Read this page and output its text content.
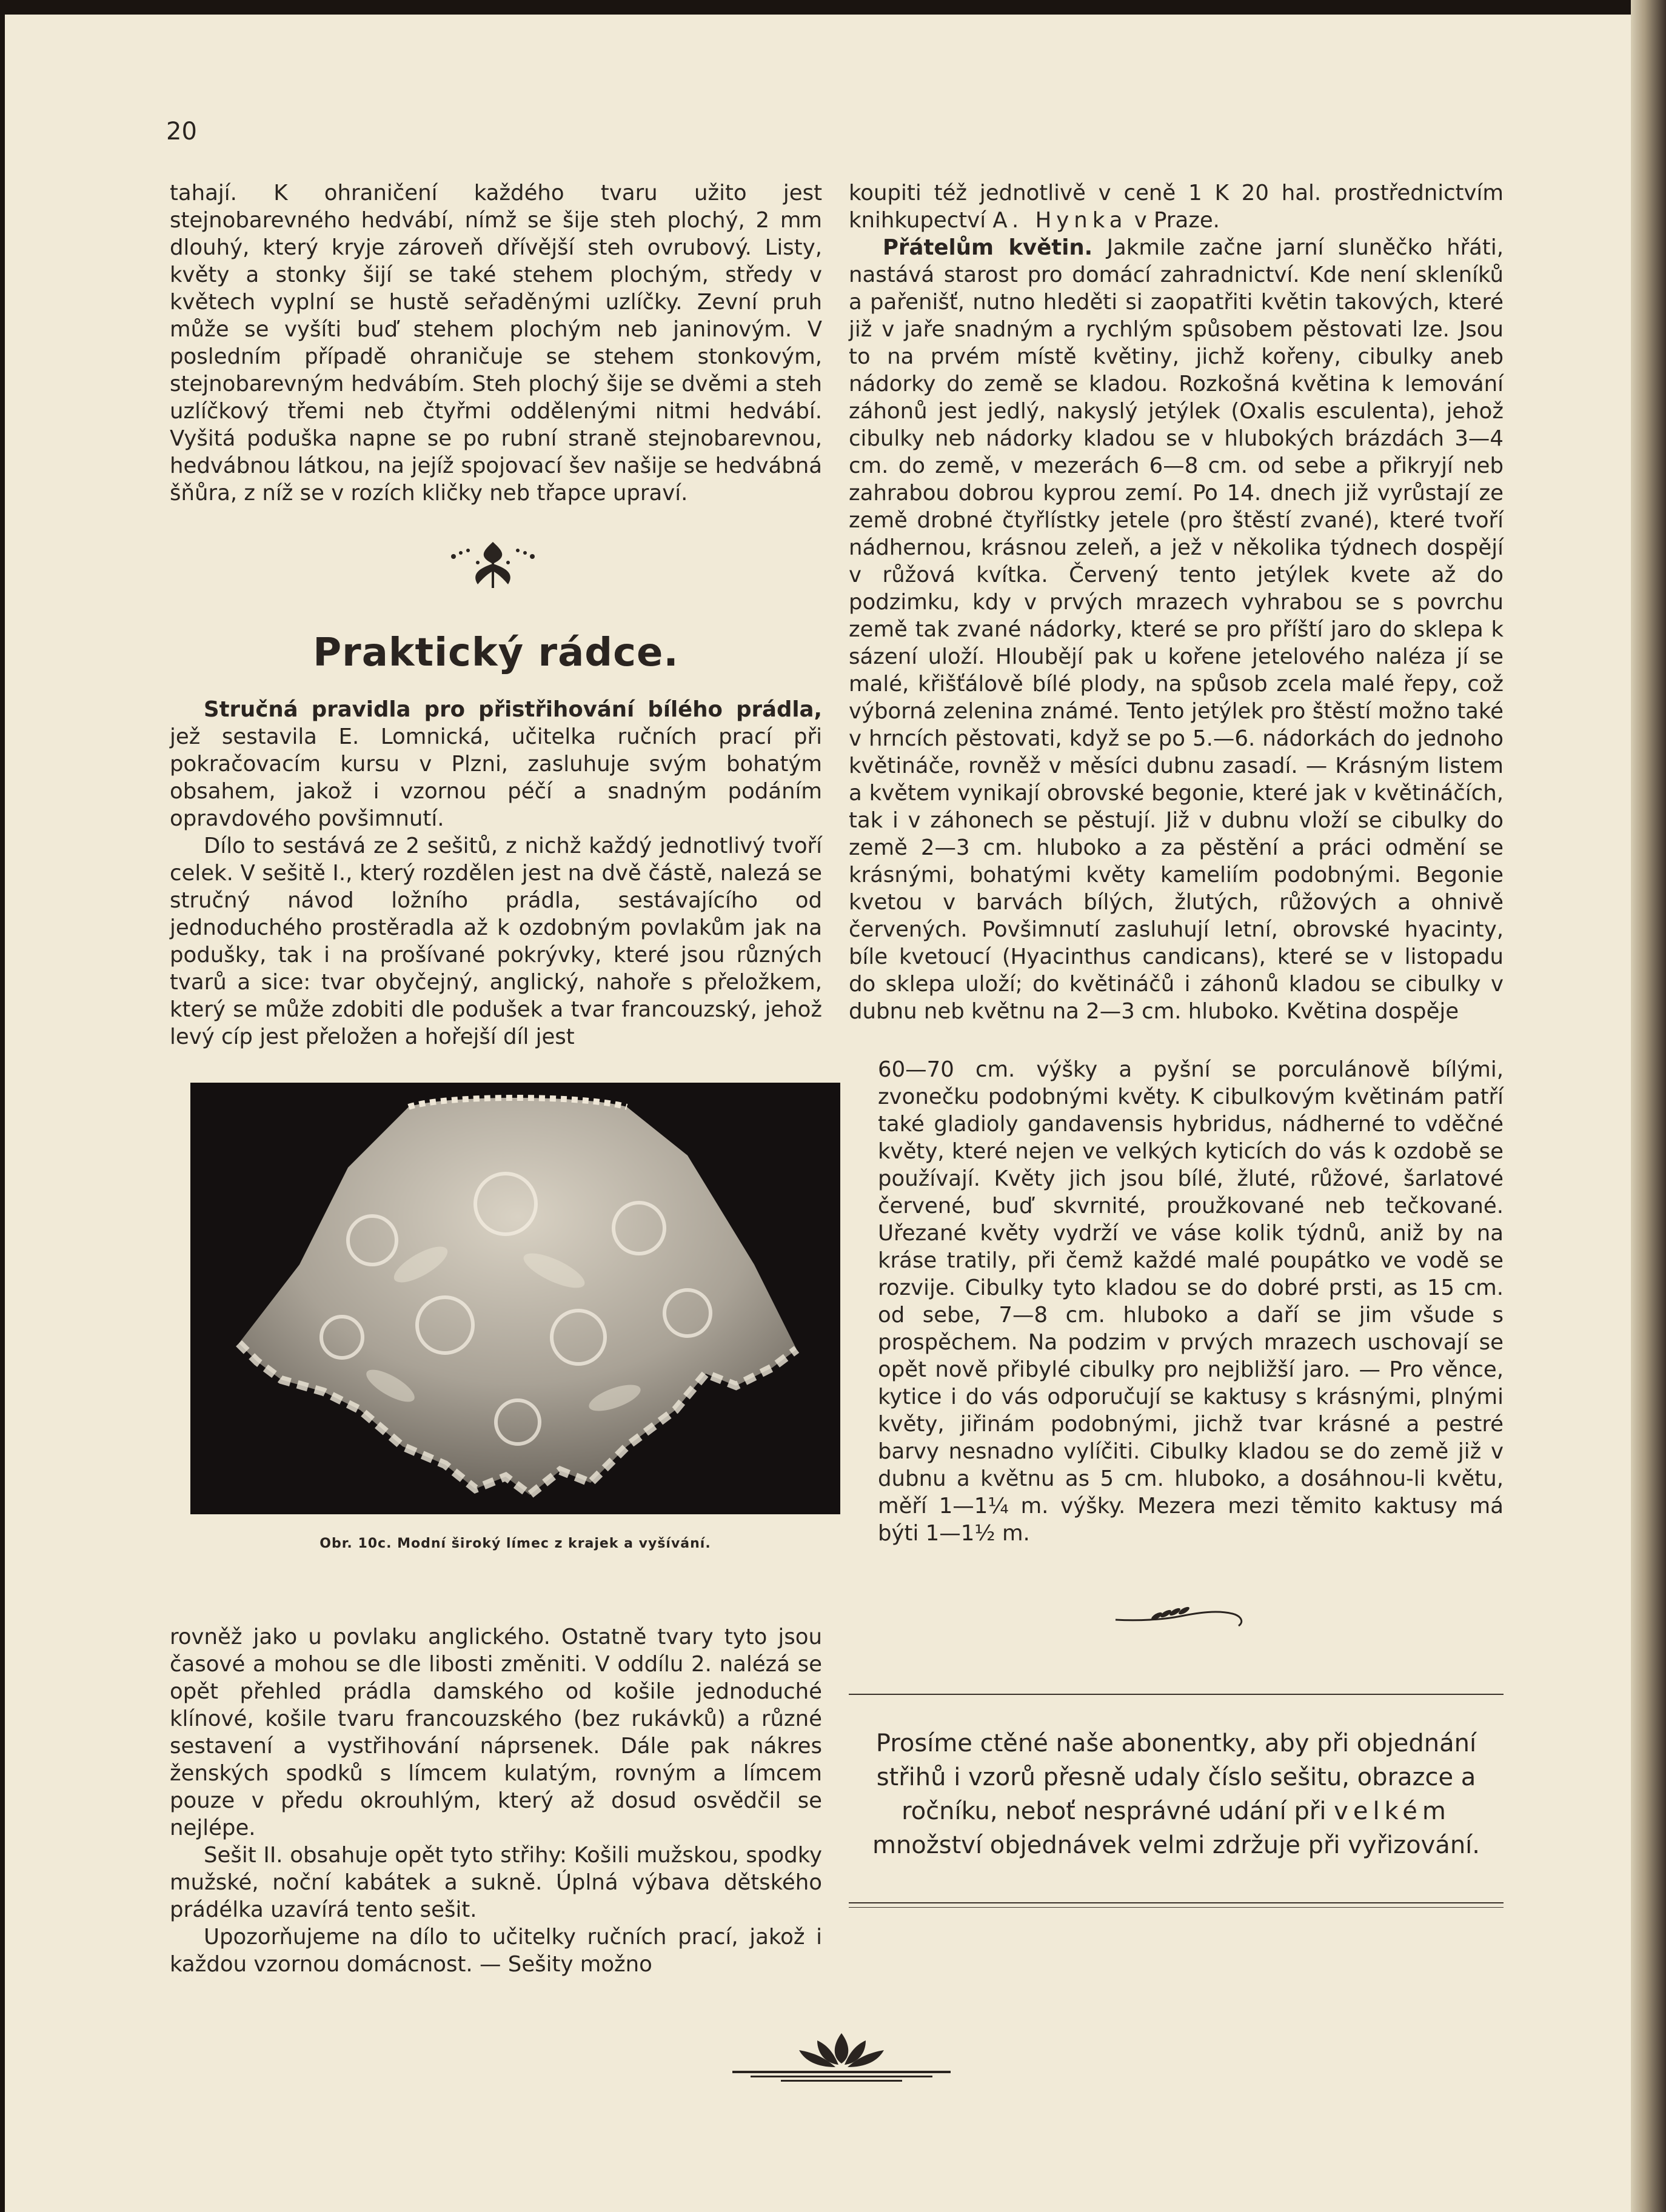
20

tahají. K ohraničení každého tvaru užito jest stejnobarevného hedvábí, nímž se šije steh plochý, 2 mm dlouhý, který kryje zároveň dřívější steh ovrubový. Listy, květy a stonky šijí se také stehem plochým, středy v květech vyplní se hustě seřaděnými uzlíčky. Zevní pruh může se vyšíti buď stehem plochým neb janinovým. V posledním případě ohraničuje se stehem stonkovým, stejnobarevným hedvábím. Steh plochý šije se dvěmi a steh uzlíčkový třemi neb čtyřmi oddělenými nitmi hedvábí. Vyšitá poduška napne se po rubní straně stejnobarevnou, hedvábnou látkou, na jejíž spojovací šev našije se hedvábná šňůra, z níž se v rozích kličky neb třapce upraví.

Praktický rádce.

Stručná pravidla pro přistřihování bílého prádla, jež sestavila E. Lomnická, učitelka ručních prací při pokračovacím kursu v Plzni, zasluhuje svým bohatým obsahem, jakož i vzornou péčí a snadným podáním opravdového povšimnutí.

Dílo to sestává ze 2 sešitů, z nichž každý jednotlivý tvoří celek. V sešitě I., který rozdělen jest na dvě částě, nalezá se stručný návod ložního prádla, sestávajícího od jednoduchého prostěradla až k ozdobným povlakům jak na podušky, tak i na prošívané pokrývky, které jsou různých tvarů a sice: tvar obyčejný, anglický, nahoře s přeložkem, který se může zdobiti dle podušek a tvar francouzský, jehož levý cíp jest přeložen a hořejší díl jest

Obr. 10c. Modní široký límec z krajek a vyšívání.

rovněž jako u povlaku anglického. Ostatně tvary tyto jsou časové a mohou se dle libosti změniti. V oddílu 2. nalézá se opět přehled prádla damského od košile jednoduché klínové, košile tvaru francouzského (bez rukávků) a různé sestavení a vystřihování náprsenek. Dále pak nákres ženských spodků s límcem kulatým, rovným a límcem pouze v předu okrouhlým, který až dosud osvědčil se nejlépe.

Sešit II. obsahuje opět tyto střihy: Košili mužskou, spodky mužské, noční kabátek a sukně. Úplná výbava dětského prádélka uzavírá tento sešit.

Upozorňujeme na dílo to učitelky ručních prací, jakož i každou vzornou domácnost. — Sešity možno

koupiti též jednotlivě v ceně 1 K 20 hal. prostřednictvím knihkupectví A. Hynka v Praze.

Přátelům květin. Jakmile začne jarní sluněčko hřáti, nastává starost pro domácí zahradnictví. Kde není skleníků a pařenišť, nutno hleděti si zaopatřiti květin takových, které již v jaře snadným a rychlým spůsobem pěstovati lze. Jsou to na prvém místě květiny, jichž kořeny, cibulky aneb nádorky do země se kladou. Rozkošná květina k lemování záhonů jest jedlý, nakyslý jetýlek (Oxalis esculenta), jehož cibulky neb nádorky kladou se v hlubokých brázdách 3—4 cm. do země, v mezerách 6—8 cm. od sebe a přikryjí neb zahrabou dobrou kyprou zemí. Po 14. dnech již vyrůstají ze země drobné čtyřlístky jetele (pro štěstí zvané), které tvoří nádhernou, krásnou zeleň, a jež v několika týdnech dospějí v růžová kvítka. Červený tento jetýlek kvete až do podzimku, kdy v prvých mrazech vyhrabou se s povrchu země tak zvané nádorky, které se pro příští jaro do sklepa k sázení uloží. Hloubějí pak u kořene jetelového naléza jí se malé, křišťálově bílé plody, na spůsob zcela malé řepy, což výborná zelenina známé. Tento jetýlek pro štěstí možno také v hrncích pěstovati, když se po 5.—6. nádorkách do jednoho květináče, rovněž v měsíci dubnu zasadí. — Krásným listem a květem vynikají obrovské begonie, které jak v květináčích, tak i v záhonech se pěstují. Již v dubnu vloží se cibulky do země 2—3 cm. hluboko a za pěstění a práci odmění se krásnými, bohatými květy kameliím podobnými. Begonie kvetou v barvách bílých, žlutých, růžových a ohnivě červených. Povšimnutí zasluhují letní, obrovské hyacinty, bíle kvetoucí (Hyacinthus candicans), které se v listopadu do sklepa uloží; do květináčů i záhonů kladou se cibulky v dubnu neb květnu na 2—3 cm. hluboko. Květina dospěje

60—70 cm. výšky a pyšní se porculánově bílými, zvonečku podobnými květy. K cibulkovým květinám patří také gladioly gandavensis hybridus, nádherné to vděčné květy, které nejen ve velkých kyticích do vás k ozdobě se používají. Květy jich jsou bílé, žluté, růžové, šarlatové červené, buď skvrnité, proužkované neb tečkované. Uřezané květy vydrží ve váse kolik týdnů, aniž by na kráse tratily, při čemž každé malé poupátko ve vodě se rozvije. Cibulky tyto kladou se do dobré prsti, as 15 cm. od sebe, 7—8 cm. hluboko a daří se jim všude s prospěchem. Na podzim v prvých mrazech uschovají se opět nově přibylé cibulky pro nejbližší jaro. — Pro věnce, kytice i do vás odporučují se kaktusy s krásnými, plnými květy, jiřinám podobnými, jichž tvar krásné a pestré barvy nesnadno vylíčiti. Cibulky kladou se do země již v dubnu a květnu as 5 cm. hluboko, a dosáhnou-li květu, měří 1—1¼ m. výšky. Mezera mezi těmito kaktusy má býti 1—1½ m.

Prosíme ctěné naše abonentky, aby při objednání střihů i vzorů přesně udaly číslo sešitu, obrazce a ročníku, neboť nesprávné udání při velkém množství objednávek velmi zdržuje při vyřizování.
